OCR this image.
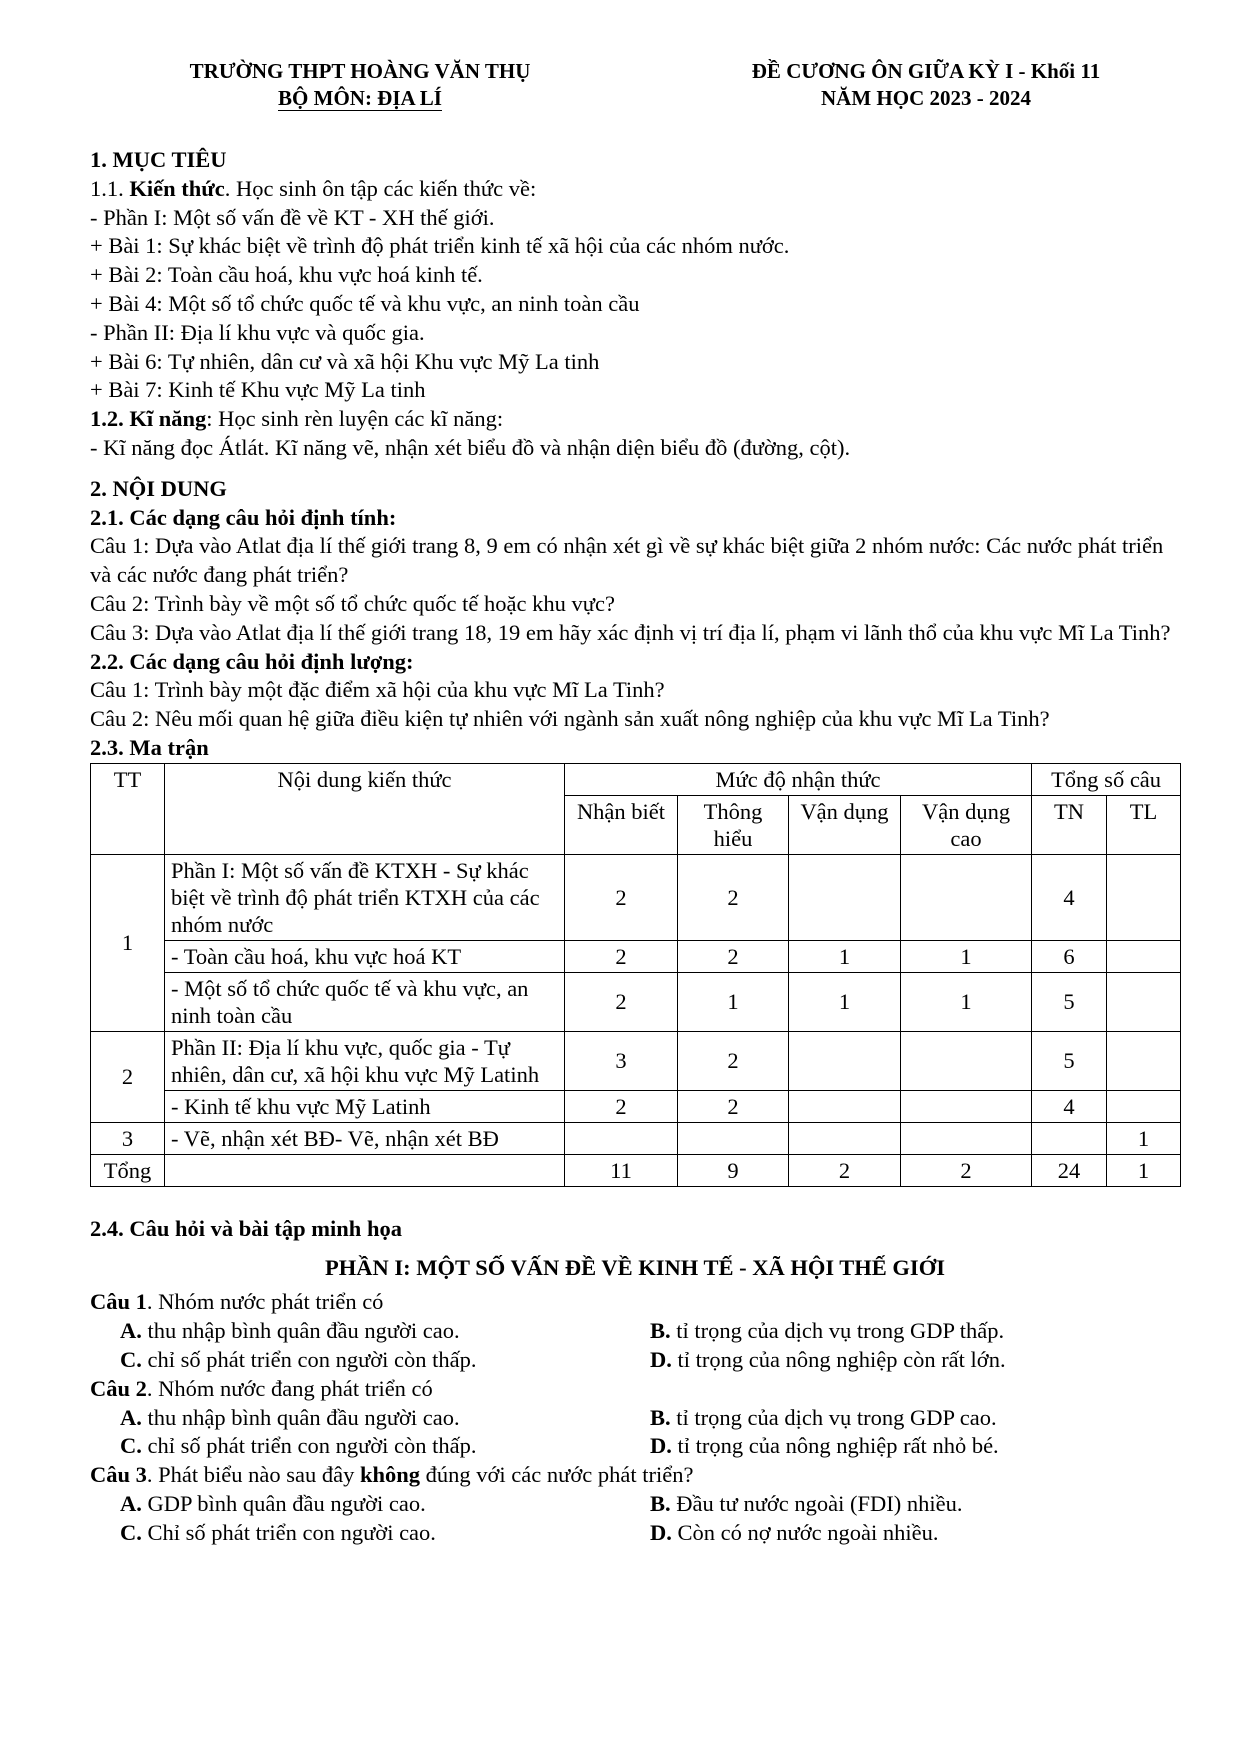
TRƯỜNG THPT HOÀNG VĂN THỤ
BỘ MÔN: ĐỊA LÍ
ĐỀ CƯƠNG ÔN GIỮA KỲ I - Khối 11
NĂM HỌC 2023 - 2024
1. MỤC TIÊU
1.1. Kiến thức. Học sinh ôn tập các kiến thức về:
- Phần I: Một số vấn đề về KT - XH thế giới.
+ Bài 1: Sự khác biệt về trình độ phát triển kinh tế xã hội của các nhóm nước.
+ Bài 2: Toàn cầu hoá, khu vực hoá kinh tế.
+ Bài 4: Một số tổ chức quốc tế và khu vực, an ninh toàn cầu
- Phần II: Địa lí khu vực và quốc gia.
+ Bài 6: Tự nhiên, dân cư và xã hội Khu vực Mỹ La tinh
+ Bài 7: Kinh tế Khu vực Mỹ La tinh
1.2. Kĩ năng: Học sinh rèn luyện các kĩ năng:
- Kĩ năng đọc Átlát. Kĩ năng vẽ, nhận xét biểu đồ và nhận diện biểu đồ (đường, cột).
2. NỘI DUNG
2.1. Các dạng câu hỏi định tính:
Câu 1: Dựa vào Atlat địa lí thế giới trang 8, 9 em có nhận xét gì về sự khác biệt giữa 2 nhóm nước: Các nước phát triển và các nước đang phát triển?
Câu 2: Trình bày về một số tổ chức quốc tế hoặc khu vực?
Câu 3: Dựa vào Atlat địa lí thế giới trang 18, 19 em hãy xác định vị trí địa lí, phạm vi lãnh thổ của khu vực Mĩ La Tinh?
2.2. Các dạng câu hỏi định lượng:
Câu 1: Trình bày một đặc điểm xã hội của khu vực Mĩ La Tinh?
Câu 2: Nêu mối quan hệ giữa điều kiện tự nhiên với ngành sản xuất nông nghiệp của khu vực Mĩ La Tinh?
2.3. Ma trận
TT	Nội dung kiến thức	Mức độ nhận thức				Tổng số câu	
		Nhận biết	Thông hiểu	Vận dụng	Vận dụng cao	TN	TL
1	Phần I: Một số vấn đề KTXH - Sự khác biệt về trình độ phát triển KTXH của các nhóm nước	2	2			4	
	- Toàn cầu hoá, khu vực hoá KT	2	2	1	1	6	
	- Một số tổ chức quốc tế và khu vực, an ninh toàn cầu	2	1	1	1	5	
2	Phần II: Địa lí khu vực, quốc gia - Tự nhiên, dân cư, xã hội khu vực Mỹ Latinh	3	2			5	
	- Kinh tế khu vực Mỹ Latinh	2	2			4	
3	- Vẽ, nhận xét BĐ- Vẽ, nhận xét BĐ						1
Tổng		11	9	2	2	24	1
2.4. Câu hỏi và bài tập minh họa
PHẦN I: MỘT SỐ VẤN ĐỀ VỀ KINH TẾ - XÃ HỘI THẾ GIỚI
Câu 1. Nhóm nước phát triển có
A. thu nhập bình quân đầu người cao.	B. tỉ trọng của dịch vụ trong GDP thấp.
C. chỉ số phát triển con người còn thấp.	D. tỉ trọng của nông nghiệp còn rất lớn.
Câu 2. Nhóm nước đang phát triển có
A. thu nhập bình quân đầu người cao.	B. tỉ trọng của dịch vụ trong GDP cao.
C. chỉ số phát triển con người còn thấp.	D. tỉ trọng của nông nghiệp rất nhỏ bé.
Câu 3. Phát biểu nào sau đây không đúng với các nước phát triển?
A. GDP bình quân đầu người cao.	B. Đầu tư nước ngoài (FDI) nhiều.
C. Chỉ số phát triển con người cao.	D. Còn có nợ nước ngoài nhiều.
